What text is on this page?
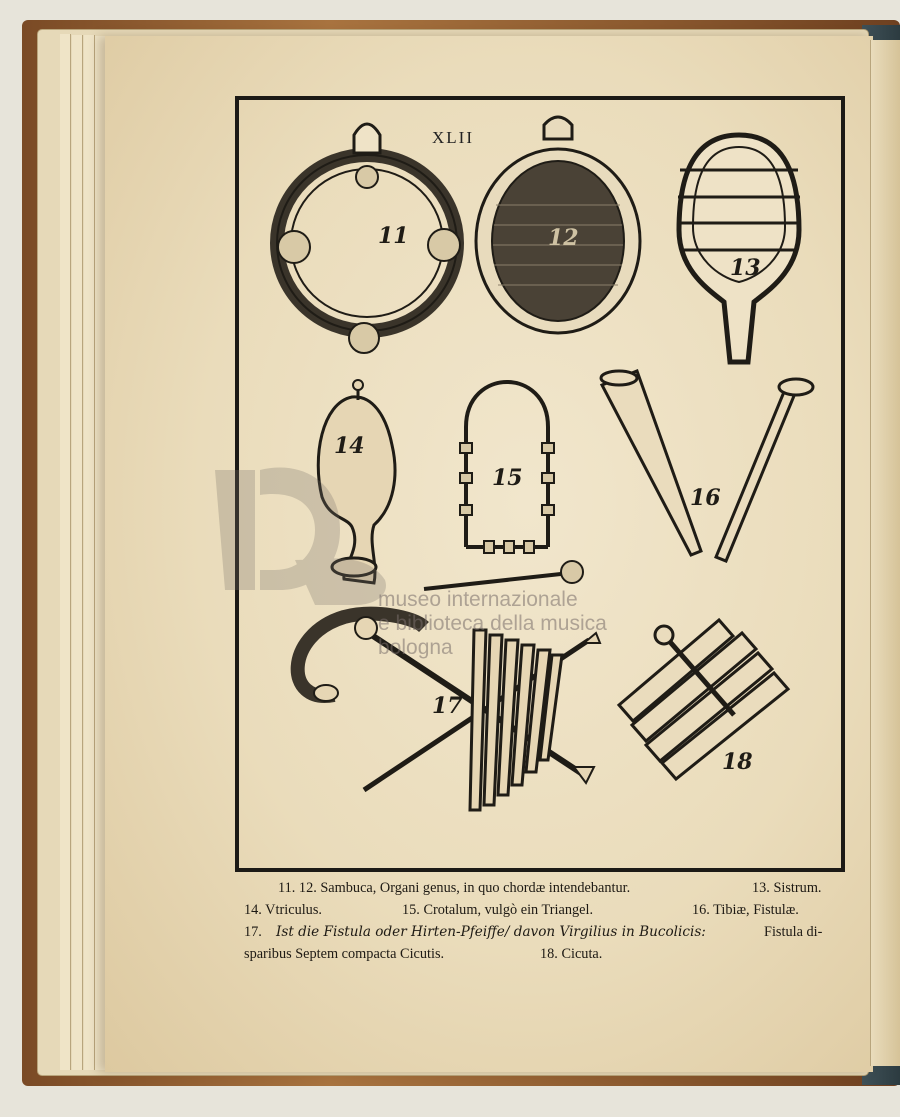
XLII
11	12
13
14
15
16
17
18
museo internazionale
e biblioteca della musica
bologna
11. 12. Sambuca, Organi genus, in quo chordæ intendebantur.	13. Sistrum.
14. Vtriculus.	15. Crotalum, vulgò ein Triangel.	16. Tibiæ, Fistulæ.
17. Ist die Fistula oder Hirten-Pfeiffe/ davon Virgilius in Bucolicis:	Fistula di-
sparibus Septem compacta Cicutis.	18. Cicuta.
